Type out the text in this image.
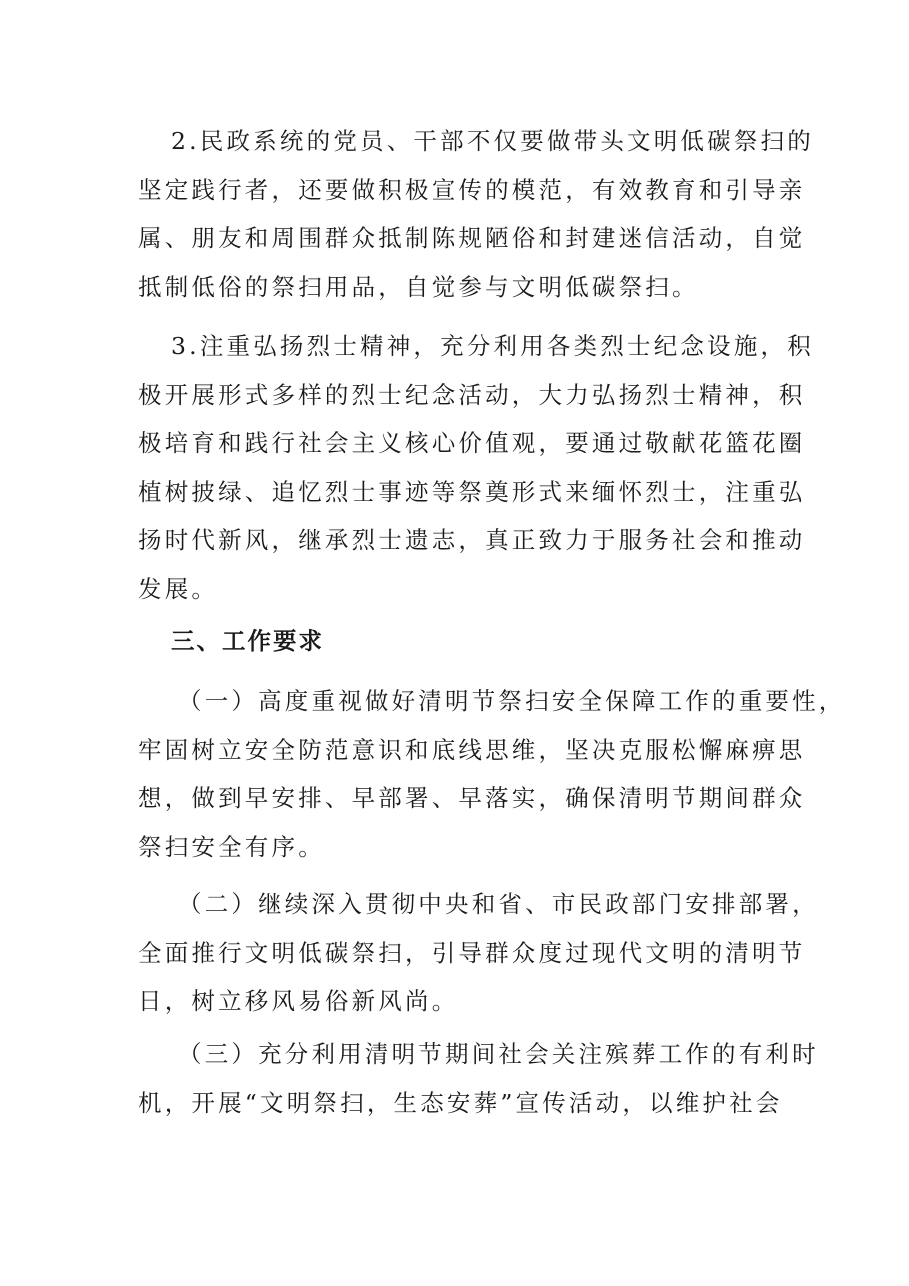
2.民政系统的党员、干部不仅要做带头文明低碳祭扫的
坚定践行者，还要做积极宣传的模范，有效教育和引导亲
属、朋友和周围群众抵制陈规陋俗和封建迷信活动，自觉
抵制低俗的祭扫用品，自觉参与文明低碳祭扫。
3.注重弘扬烈士精神，充分利用各类烈士纪念设施，积
极开展形式多样的烈士纪念活动，大力弘扬烈士精神，积
极培育和践行社会主义核心价值观，要通过敬献花篮花圈
植树披绿、追忆烈士事迹等祭奠形式来缅怀烈士，注重弘
扬时代新风，继承烈士遗志，真正致力于服务社会和推动
发展。
三、工作要求
（一）高度重视做好清明节祭扫安全保障工作的重要性，
牢固树立安全防范意识和底线思维，坚决克服松懈麻痹思
想，做到早安排、早部署、早落实，确保清明节期间群众
祭扫安全有序。
（二）继续深入贯彻中央和省、市民政部门安排部署，
全面推行文明低碳祭扫，引导群众度过现代文明的清明节
日，树立移风易俗新风尚。
（三）充分利用清明节期间社会关注殡葬工作的有利时
机，开展“文明祭扫，生态安葬”宣传活动，以维护社会
